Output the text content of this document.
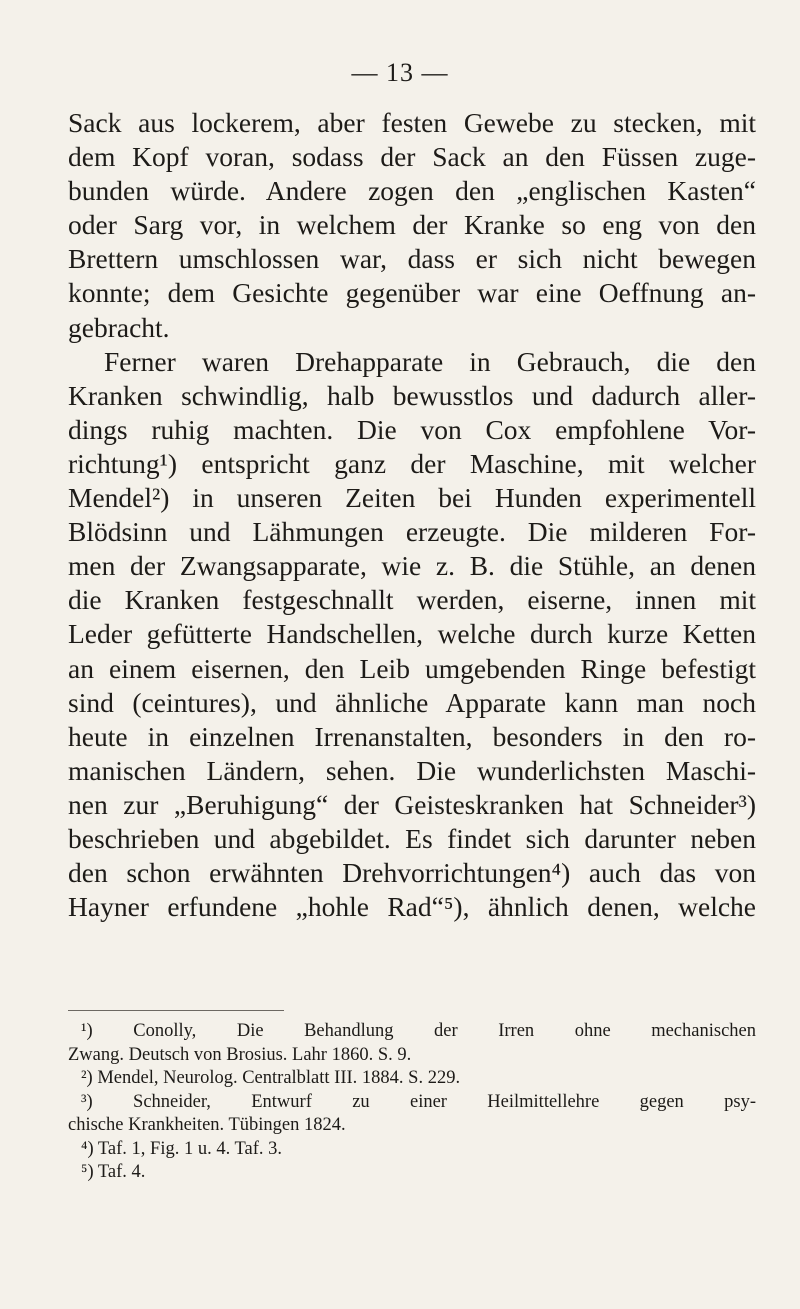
— 13 —
Sack aus lockerem, aber festen Gewebe zu stecken, mit
dem Kopf voran, sodass der Sack an den Füssen zuge-
bunden würde. Andere zogen den „englischen Kasten“
oder Sarg vor, in welchem der Kranke so eng von den
Brettern umschlossen war, dass er sich nicht bewegen
konnte; dem Gesichte gegenüber war eine Oeffnung an-
gebracht.
Ferner waren Drehapparate in Gebrauch, die den
Kranken schwindlig, halb bewusstlos und dadurch aller-
dings ruhig machten. Die von Cox empfohlene Vor-
richtung¹) entspricht ganz der Maschine, mit welcher
Mendel²) in unseren Zeiten bei Hunden experimentell
Blödsinn und Lähmungen erzeugte. Die milderen For-
men der Zwangsapparate, wie z. B. die Stühle, an denen
die Kranken festgeschnallt werden, eiserne, innen mit
Leder gefütterte Handschellen, welche durch kurze Ketten
an einem eisernen, den Leib umgebenden Ringe befestigt
sind (ceintures), und ähnliche Apparate kann man noch
heute in einzelnen Irrenanstalten, besonders in den ro-
manischen Ländern, sehen. Die wunderlichsten Maschi-
nen zur „Beruhigung“ der Geisteskranken hat Schneider³)
beschrieben und abgebildet. Es findet sich darunter neben
den schon erwähnten Drehvorrichtungen⁴) auch das von
Hayner erfundene „hohle Rad“⁵), ähnlich denen, welche
¹) Conolly, Die Behandlung der Irren ohne mechanischen
Zwang. Deutsch von Brosius. Lahr 1860. S. 9.
²) Mendel, Neurolog. Centralblatt III. 1884. S. 229.
³) Schneider, Entwurf zu einer Heilmittellehre gegen psy-
chische Krankheiten. Tübingen 1824.
⁴) Taf. 1, Fig. 1 u. 4. Taf. 3.
⁵) Taf. 4.
